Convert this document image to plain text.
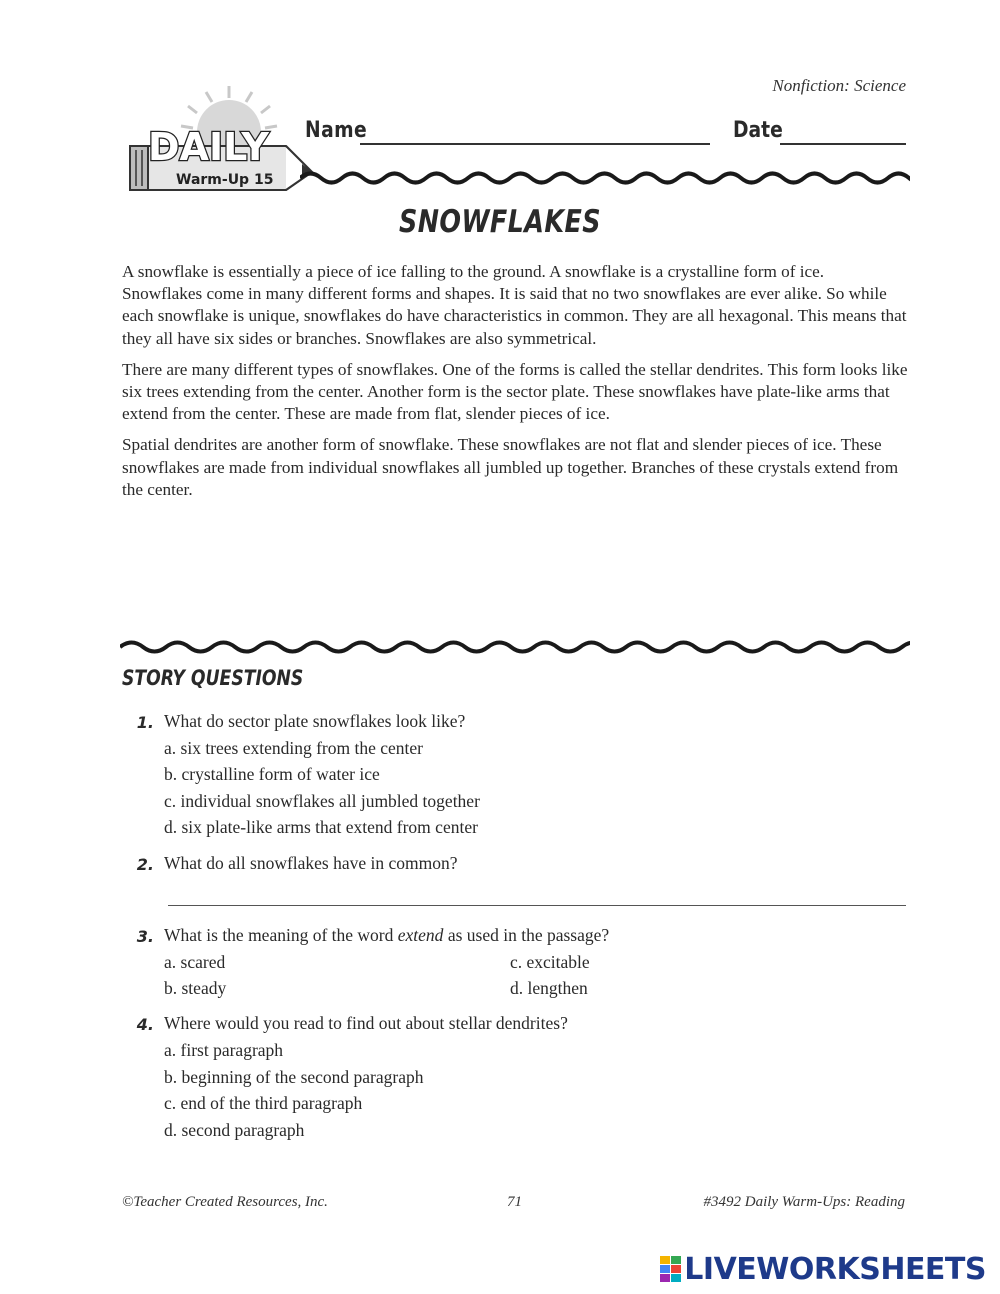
DAILY
Warm-Up 15
Nonfiction: Science
Name	Date
SNOWFLAKES

A snowflake is essentially a piece of ice falling to the ground. A snowflake is a crystalline form of ice. Snowflakes come in many different forms and shapes. It is said that no two snowflakes are ever alike. So while each snowflake is unique, snowflakes do have characteristics in common. They are all hexagonal. This means that they all have six sides or branches. Snowflakes are also symmetrical.

There are many different types of snowflakes. One of the forms is called the stellar dendrites. This form looks like six trees extending from the center. Another form is the sector plate. These snowflakes have plate-like arms that extend from the center. These are made from flat, slender pieces of ice.

Spatial dendrites are another form of snowflake. These snowflakes are not flat and slender pieces of ice. These snowflakes are made from individual snowflakes all jumbled up together. Branches of these crystals extend from the center.

STORY QUESTIONS
1. What do sector plate snowflakes look like?
a. six trees extending from the center
b. crystalline form of water ice
c. individual snowflakes all jumbled together
d. six plate-like arms that extend from center
2. What do all snowflakes have in common?
3. What is the meaning of the word extend as used in the passage?
a. scared	c. excitable
b. steady	d. lengthen
4. Where would you read to find out about stellar dendrites?
a. first paragraph
b. beginning of the second paragraph
c. end of the third paragraph
d. second paragraph
©Teacher Created Resources, Inc.	71	#3492 Daily Warm-Ups: Reading
LIVEWORKSHEETS
